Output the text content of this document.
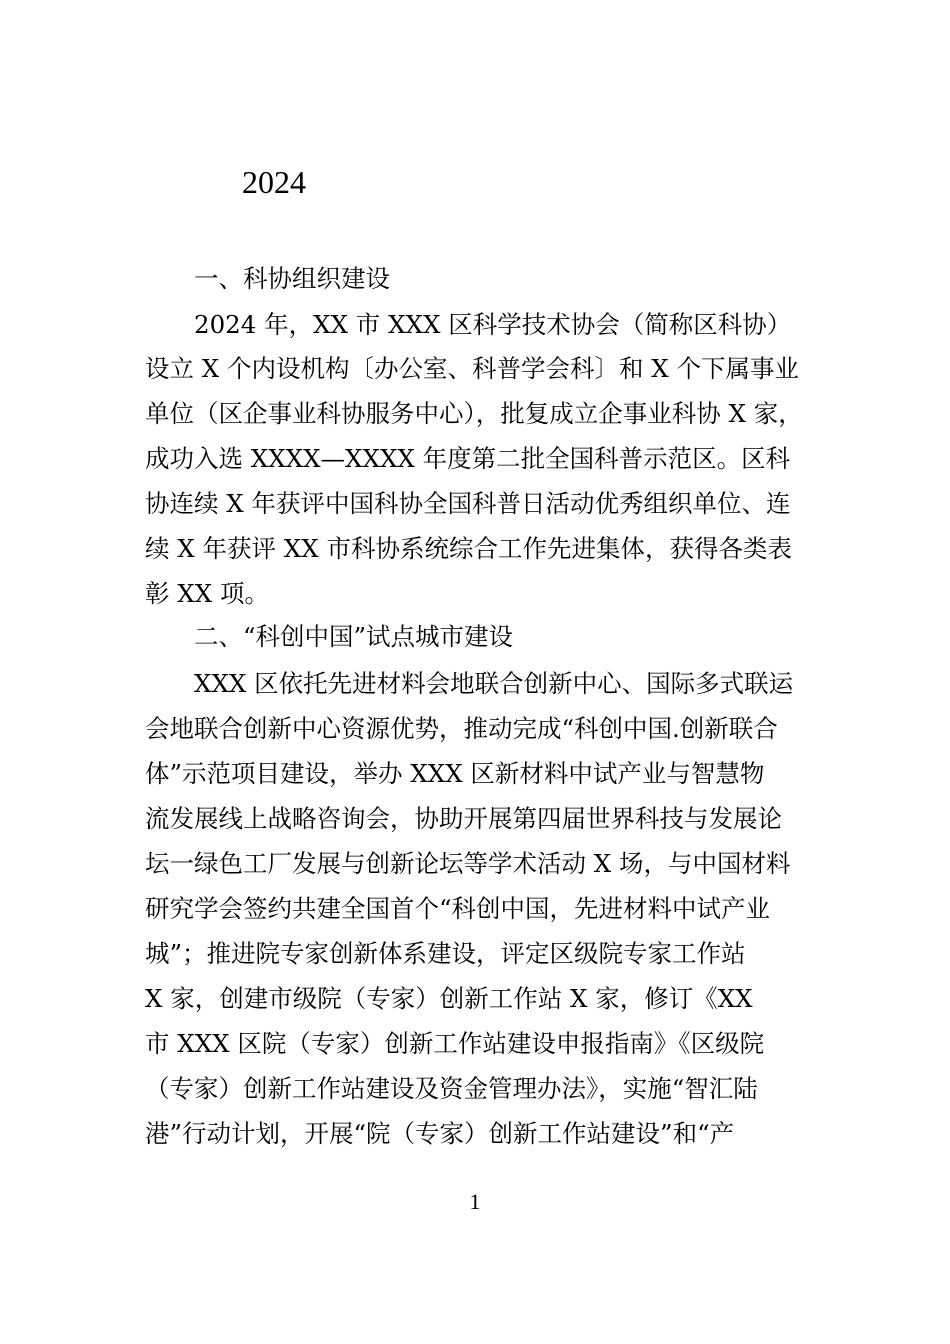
2024
　　一、科协组织建设
　　2024 年，XX 市 XXX 区科学技术协会（简称区科协）
设立 X 个内设机构〔办公室、科普学会科〕和 X 个下属事业
单位（区企事业科协服务中心），批复成立企事业科协 X 家，
成功入选 XXXX—XXXX 年度第二批全国科普示范区。区科
协连续 X 年获评中国科协全国科普日活动优秀组织单位、连
续 X 年获评 XX 市科协系统综合工作先进集体，获得各类表
彰 XX 项。
　　二、“科创中国”试点城市建设
　　XXX 区依托先进材料会地联合创新中心、国际多式联运
会地联合创新中心资源优势，推动完成“科创中国.创新联合
体”示范项目建设，举办 XXX 区新材料中试产业与智慧物
流发展线上战略咨询会，协助开展第四届世界科技与发展论
坛一绿色工厂发展与创新论坛等学术活动 X 场，与中国材料
研究学会签约共建全国首个“科创中国，先进材料中试产业
城”；推进院专家创新体系建设，评定区级院专家工作站
X 家，创建市级院（专家）创新工作站 X 家，修订《XX
市 XXX 区院（专家）创新工作站建设申报指南》《区级院
（专家）创新工作站建设及资金管理办法》，实施“智汇陆
港”行动计划，开展“院（专家）创新工作站建设”和“产
1
